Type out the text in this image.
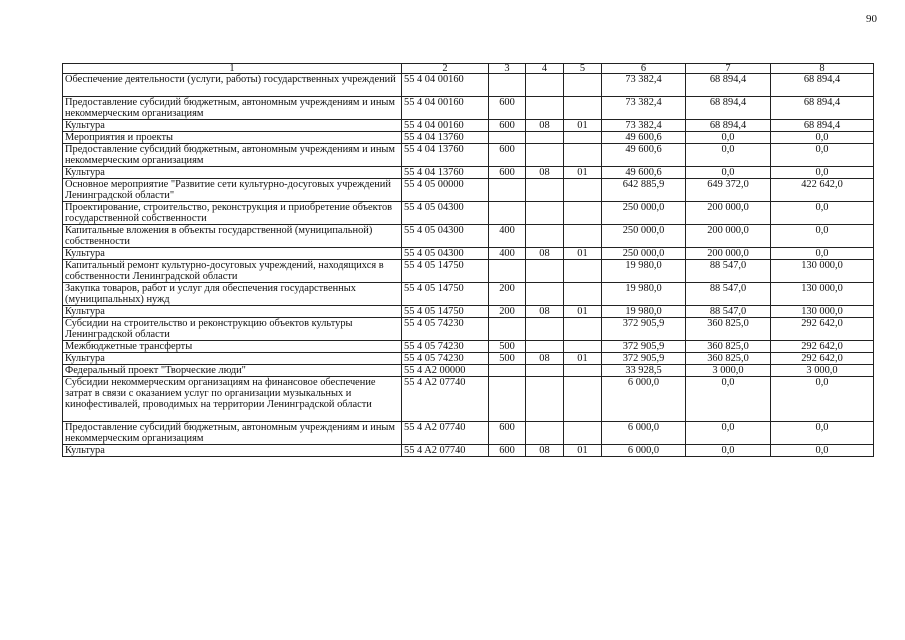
90
1	2	3	4	5	6	7	8
Обеспечение деятельности (услуги, работы) государственных учреждений	55 4 04 00160				73 382,4	68 894,4	68 894,4
Предоставление субсидий бюджетным, автономным учреждениям и иным некоммерческим организациям	55 4 04 00160	600			73 382,4	68 894,4	68 894,4
Культура	55 4 04 00160	600	08	01	73 382,4	68 894,4	68 894,4
Мероприятия и проекты	55 4 04 13760				49 600,6	0,0	0,0
Предоставление субсидий бюджетным, автономным учреждениям и иным некоммерческим организациям	55 4 04 13760	600			49 600,6	0,0	0,0
Культура	55 4 04 13760	600	08	01	49 600,6	0,0	0,0
Основное мероприятие "Развитие сети культурно-досуговых учреждений Ленинградской области"	55 4 05 00000				642 885,9	649 372,0	422 642,0
Проектирование, строительство, реконструкция и приобретение объектов государственной собственности	55 4 05 04300				250 000,0	200 000,0	0,0
Капитальные вложения в объекты государственной (муниципальной) собственности	55 4 05 04300	400			250 000,0	200 000,0	0,0
Культура	55 4 05 04300	400	08	01	250 000,0	200 000,0	0,0
Капитальный ремонт культурно-досуговых учреждений, находящихся в собственности Ленинградской области	55 4 05 14750				19 980,0	88 547,0	130 000,0
Закупка товаров, работ и услуг для обеспечения государственных (муниципальных) нужд	55 4 05 14750	200			19 980,0	88 547,0	130 000,0
Культура	55 4 05 14750	200	08	01	19 980,0	88 547,0	130 000,0
Субсидии на строительство и реконструкцию объектов культуры Ленинградской области	55 4 05 74230				372 905,9	360 825,0	292 642,0
Межбюджетные трансферты	55 4 05 74230	500			372 905,9	360 825,0	292 642,0
Культура	55 4 05 74230	500	08	01	372 905,9	360 825,0	292 642,0
Федеральный проект "Творческие люди"	55 4 A2 00000				33 928,5	3 000,0	3 000,0
Субсидии некоммерческим организациям на финансовое обеспечение затрат в связи с оказанием услуг по организации музыкальных и кинофестивалей, проводимых на территории Ленинградской области	55 4 A2 07740				6 000,0	0,0	0,0
Предоставление субсидий бюджетным, автономным учреждениям и иным некоммерческим организациям	55 4 A2 07740	600			6 000,0	0,0	0,0
Культура	55 4 A2 07740	600	08	01	6 000,0	0,0	0,0
